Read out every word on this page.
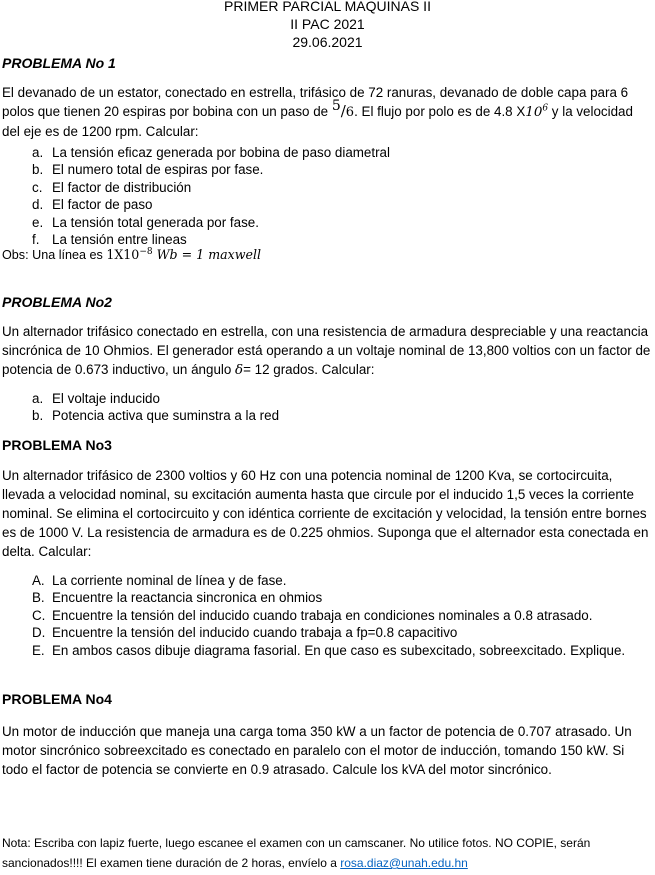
PRIMER PARCIAL MAQUINAS II
II PAC 2021
29.06.2021
PROBLEMA No 1

El devanado de un estator, conectado en estrella, trifásico de 72 ranuras, devanado de doble capa para 6 polos que tienen 20 espiras por bobina con un paso de 5/6. El flujo por polo es de 4.8 $X10^6$ y la velocidad del eje es de 1200 rpm. Calcular:

a. La tensión eficaz generada por bobina de paso diametral
b. El numero total de espiras por fase.
c. El factor de distribución
d. El factor de paso
e. La tensión total generada por fase.
f. La tensión entre lineas
Obs: Una línea es $1X10^{-8}$ Wb = 1 maxwell
PROBLEMA No2

Un alternador trifásico conectado en estrella, con una resistencia de armadura despreciable y una reactancia sincrónica de 10 Ohmios. El generador está operando a un voltaje nominal de 13,800 voltios con un factor de potencia de 0.673 inductivo, un ángulo δ= 12 grados. Calcular:

a. El voltaje inducido
b. Potencia activa que suminstra a la red
PROBLEMA No3

Un alternador trifásico de 2300 voltios y 60 Hz con una potencia nominal de 1200 Kva, se cortocircuita, llevada a velocidad nominal, su excitación aumenta hasta que circule por el inducido 1,5 veces la corriente nominal. Se elimina el cortocircuito y con idéntica corriente de excitación y velocidad, la tensión entre bornes es de 1000 V. La resistencia de armadura es de 0.225 ohmios. Suponga que el alternador esta conectada en delta. Calcular:

A. La corriente nominal de línea y de fase.
B. Encuentre la reactancia sincronica en ohmios
C. Encuentre la tensión del inducido cuando trabaja en condiciones nominales a 0.8 atrasado.
D. Encuentre la tensión del inducido cuando trabaja a fp=0.8 capacitivo
E. En ambos casos dibuje diagrama fasorial. En que caso es subexcitado, sobreexcitado. Explique.
PROBLEMA No4

Un motor de inducción que maneja una carga toma 350 kW a un factor de potencia de 0.707 atrasado. Un motor sincrónico sobreexcitado es conectado en paralelo con el motor de inducción, tomando 150 kW. Si todo el factor de potencia se convierte en 0.9 atrasado. Calcule los kVA del motor sincrónico.

Nota: Escriba con lapiz fuerte, luego escanee el examen con un camscaner. No utilice fotos. NO COPIE, serán sancionados!!!! El examen tiene duración de 2 horas, envíelo a rosa.diaz@unah.edu.hn
